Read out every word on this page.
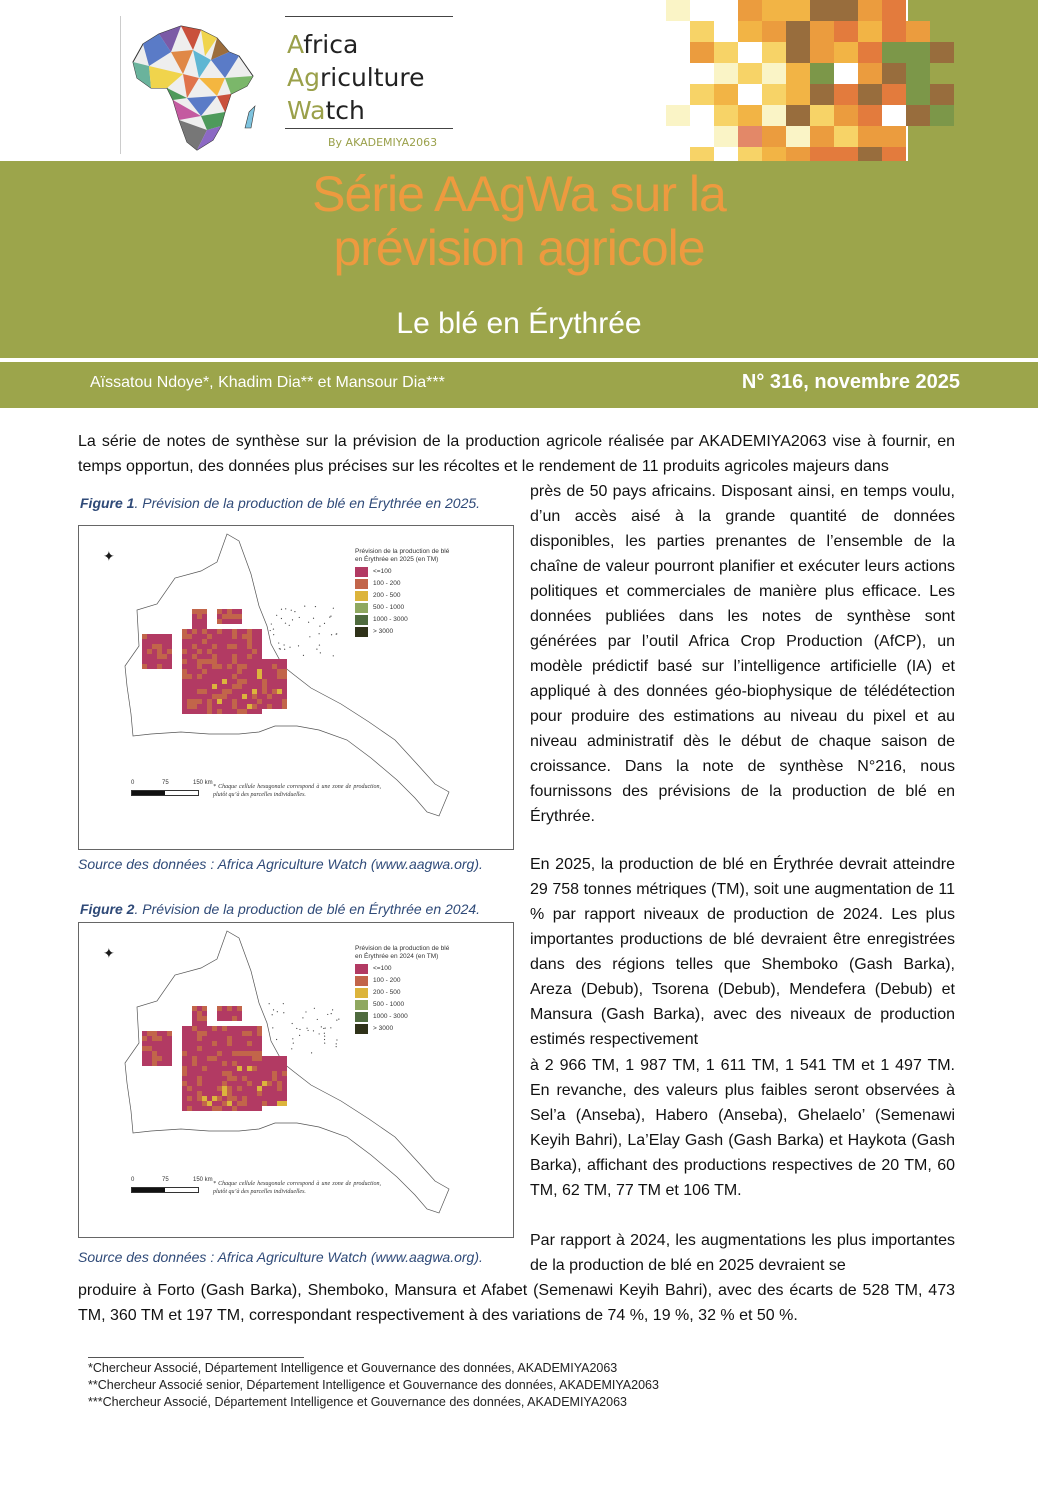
Africa
Agriculture
Watch
By AKADEMIYA2063
Série AAgWa sur la
prévision agricole
Le blé en Érythrée
Aïssatou Ndoye*, Khadim Dia** et Mansour Dia***	N° 316, novembre 2025
La série de notes de synthèse sur la prévision de la production agricole réalisée par AKADEMIYA2063 vise à fournir, en temps opportun, des données plus précises sur les récoltes et le rendement de 11 produits agricoles majeurs dans
Figure 1. Prévision de la production de blé en Érythrée en 2025.
✦	Prévision de la production de blé
en Érythrée en 2025 (en TM)
<=100
100 - 200
200 - 500
500 - 1000
1000 - 3000
> 3000
0	75	150 km
* Chaque cellule hexagonale correspond à une zone de production, plutôt qu’à des parcelles individuelles.
Source des données : Africa Agriculture Watch (www.aagwa.org).
Figure 2. Prévision de la production de blé en Érythrée en 2024.
✦	Prévision de la production de blé
en Érythrée en 2024 (en TM)
<=100
100 - 200
200 - 500
500 - 1000
1000 - 3000
> 3000
0	75	150 km
* Chaque cellule hexagonale correspond à une zone de production, plutôt qu’à des parcelles individuelles.
Source des données : Africa Agriculture Watch (www.aagwa.org).
près de 50 pays africains. Disposant ainsi, en temps voulu, d’un accès aisé à la grande quantité de données disponibles, les parties prenantes de l’ensemble de la chaîne de valeur pourront planifier et exécuter leurs actions politiques et commerciales de manière plus efficace. Les données publiées dans les notes de synthèse sont générées par l’outil Africa Crop Production (AfCP), un modèle prédictif basé sur l’intelligence artificielle (IA) et appliqué à des données géo-biophysique de télédétection pour produire des estimations au niveau du pixel et au niveau administratif dès le début de chaque saison de croissance. Dans la note de synthèse N°216, nous fournissons des prévisions de la production de blé en Érythrée.
En 2025, la production de blé en Érythrée devrait atteindre 29 758 tonnes métriques (TM), soit une augmentation de 11 % par rapport niveaux de production de 2024. Les plus importantes productions de blé devraient être enregistrées dans des régions telles que Shemboko (Gash Barka), Areza (Debub), Tsorena (Debub), Mendefera (Debub) et Mansura (Gash Barka), avec des niveaux de production estimés respectivement
à 2 966 TM, 1 987 TM, 1 611 TM, 1 541 TM et 1 497 TM. En revanche, des valeurs plus faibles seront observées à Sel’a (Anseba), Habero (Anseba), Ghelaelo’ (Semenawi Keyih Bahri), La’Elay Gash (Gash Barka) et Haykota (Gash Barka), affichant des productions respectives de 20 TM, 60 TM, 62 TM, 77 TM et 106 TM.
Par rapport à 2024, les augmentations les plus importantes de la production de blé en 2025 devraient se
produire à Forto (Gash Barka), Shemboko, Mansura et Afabet (Semenawi Keyih Bahri), avec des écarts de 528 TM, 473 TM, 360 TM et 197 TM, correspondant respectivement à des variations de 74 %, 19 %, 32 % et 50 %.
*Chercheur Associé, Département Intelligence et Gouvernance des données, AKADEMIYA2063
**Chercheur Associé senior, Département Intelligence et Gouvernance des données, AKADEMIYA2063
***Chercheur Associé, Département Intelligence et Gouvernance des données, AKADEMIYA2063
